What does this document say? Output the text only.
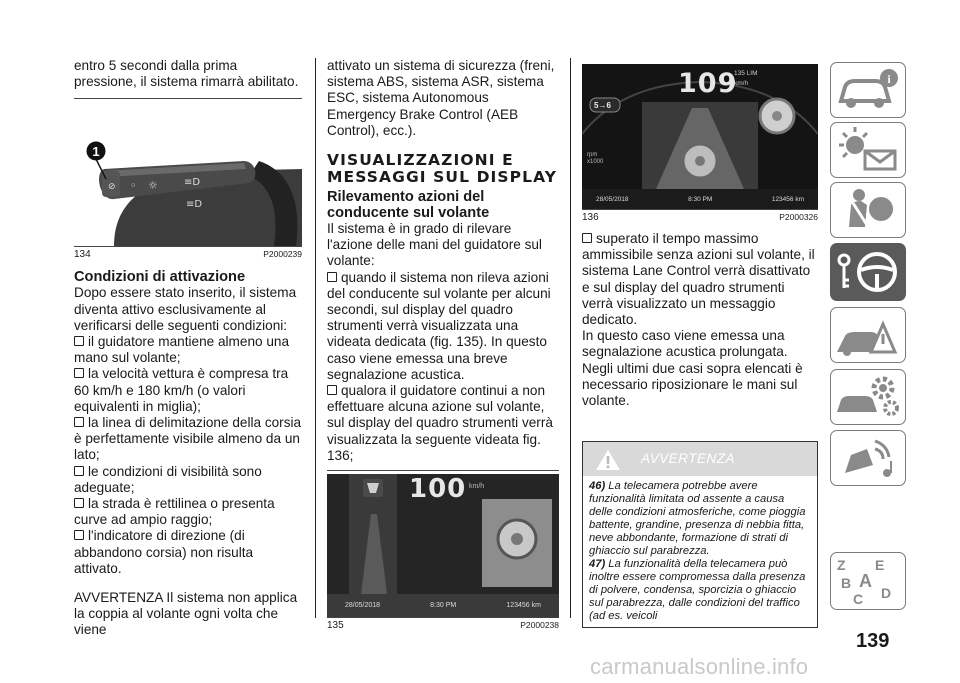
entro 5 secondi dalla prima pressione, il sistema rimarrà abilitato.

⊘ ◦ ☼	≡D
≡D
1
134	P2000239
Condizioni di attivazione

Dopo essere stato inserito, il sistema diventa attivo esclusivamente al verificarsi delle seguenti condizioni:

il guidatore mantiene almeno una mano sul volante;

la velocità vettura è compresa tra 60 km/h e 180 km/h (o valori equivalenti in miglia);

la linea di delimitazione della corsia è perfettamente visibile almeno da un lato;

le condizioni di visibilità sono adeguate;

la strada è rettilinea o presenta curve ad ampio raggio;

l'indicatore di direzione (di abbandono corsia) non risulta attivato.

AVVERTENZA Il sistema non applica la coppia al volante ogni volta che viene

attivato un sistema di sicurezza (freni, sistema ABS, sistema ASR, sistema ESC, sistema Autonomous Emergency Brake Control (AEB Control), ecc.).

VISUALIZZAZIONI E MESSAGGI SUL DISPLAY
Rilevamento azioni del conducente sul volante

Il sistema è in grado di rilevare l'azione delle mani del guidatore sul volante:

quando il sistema non rileva azioni del conducente sul volante per alcuni secondi, sul display del quadro strumenti verrà visualizzata una videata dedicata (fig. 135). In questo caso viene emessa una breve segnalazione acustica.

qualora il guidatore continui a non effettuare alcuna azione sul volante, sul display del quadro strumenti verrà visualizzata la seguente videata fig. 136;

100 km/h
28/05/2018	8:30 PM	123456 km
135	P2000238
5→6
109
135 LIM
km/h
rpm
x1000
28/05/2018	8:30 PM	123456 km
136	P2000326

superato il tempo massimo ammissibile senza azioni sul volante, il sistema Lane Control verrà disattivato e sul display del quadro strumenti verrà visualizzato un messaggio dedicato.

In questo caso viene emessa una segnalazione acustica prolungata. Negli ultimi due casi sopra elencati è necessario riposizionare le mani sul volante.

AVVERTENZA
46) La telecamera potrebbe avere funzionalità limitata od assente a causa delle condizioni atmosferiche, come pioggia battente, grandine, presenza di nebbia fitta, neve abbondante, formazione di strati di ghiaccio sul parabrezza.
47) La funzionalità della telecamera può inoltre essere compromessa dalla presenza di polvere, condensa, sporcizia o ghiaccio sul parabrezza, dalle condizioni del traffico (ad es. veicoli
i
Z E
B A
C D
139
carmanualsonline.info
